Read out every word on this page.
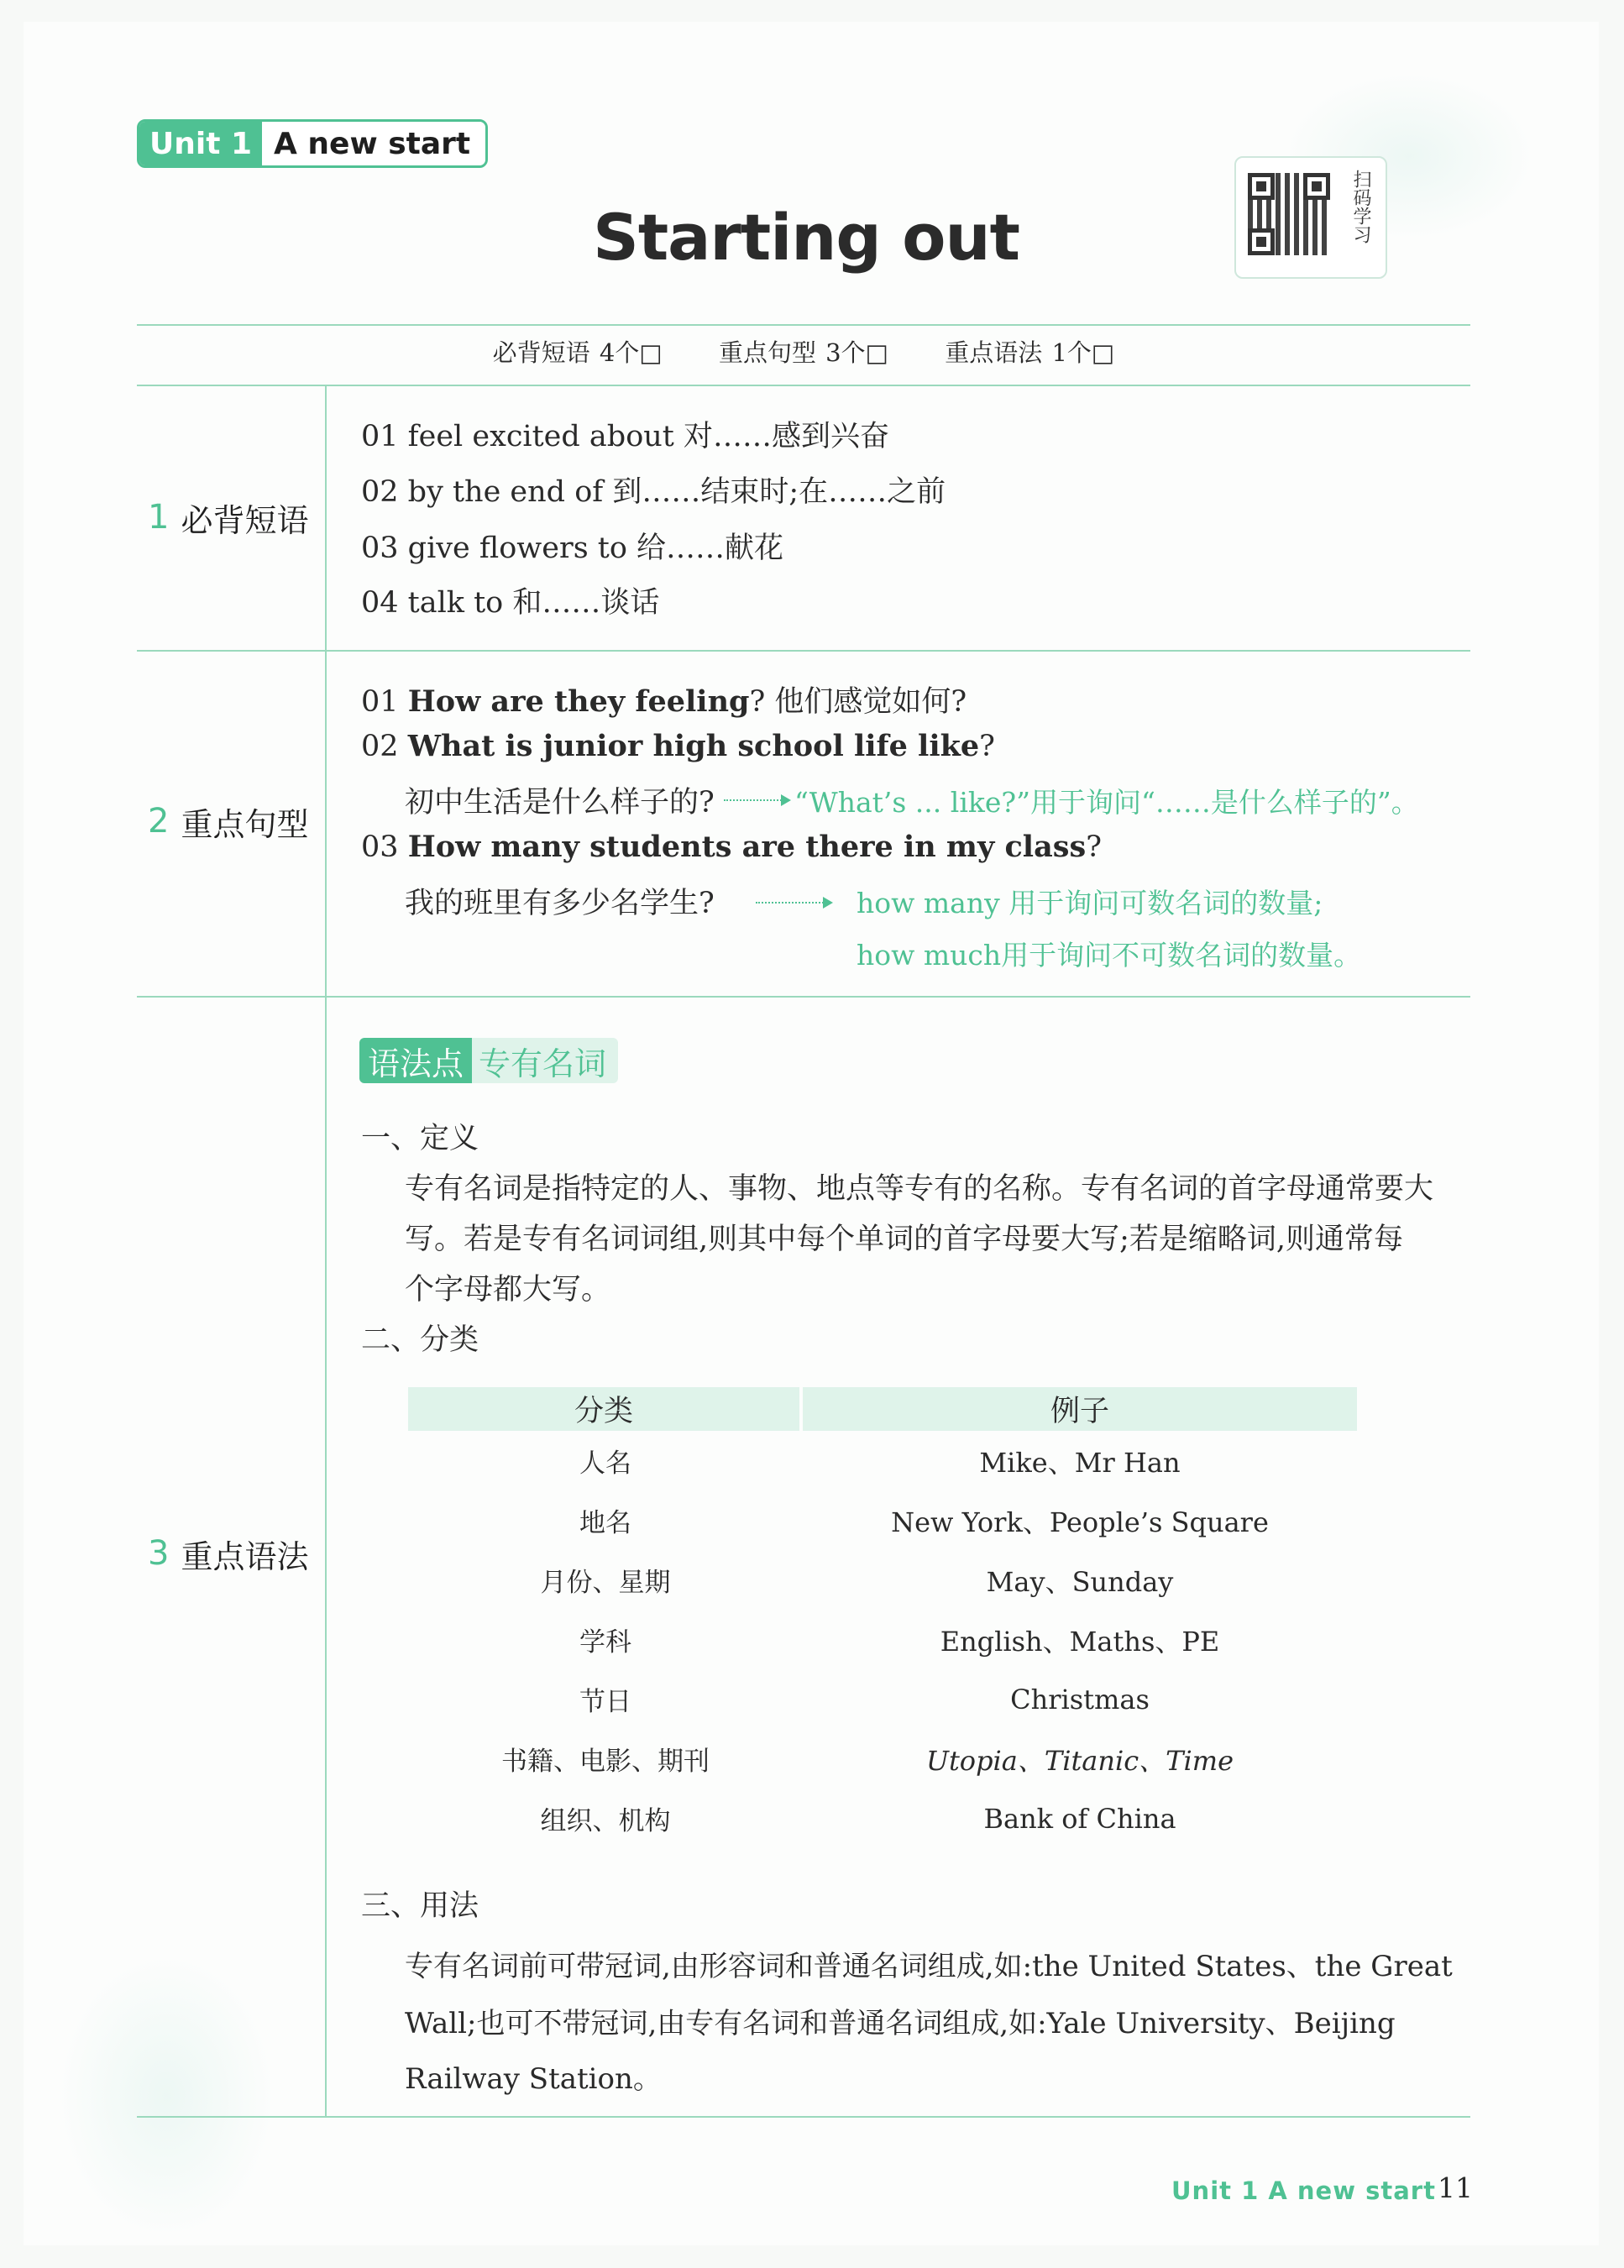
Unit 1 A new start
Starting out	扫码学习
必背短语 4个□ 重点句型 3个□ 重点语法 1个□
1 必背短语
01 feel excited about 对……感到兴奋
02 by the end of 到……结束时;在……之前
03 give flowers to 给……献花
04 talk to 和……谈话
2 重点句型
01 How are they feeling? 他们感觉如何?
02 What is junior high school life like?
初中生活是什么样子的?	“What’s ... like?”用于询问“……是什么样子的”。
03 How many students are there in my class?
我的班里有多少名学生?	how many 用于询问可数名词的数量;
how much用于询问不可数名词的数量。
3 重点语法
语法点 专有名词
一、定义
专有名词是指特定的人、事物、地点等专有的名称。专有名词的首字母通常要大
写。若是专有名词词组,则其中每个单词的首字母要大写;若是缩略词,则通常每
个字母都大写。
二、分类
分类	例子
人名	Mike、Mr Han
地名	New York、People’s Square
月份、星期	May、Sunday
学科	English、Maths、PE
节日	Christmas
书籍、电影、期刊	Utopia、Titanic、Time
组织、机构	Bank of China
三、用法
专有名词前可带冠词,由形容词和普通名词组成,如:the United States、the Great
Wall;也可不带冠词,由专有名词和普通名词组成,如:Yale University、Beijing
Railway Station。
Unit 1 A new start 11
